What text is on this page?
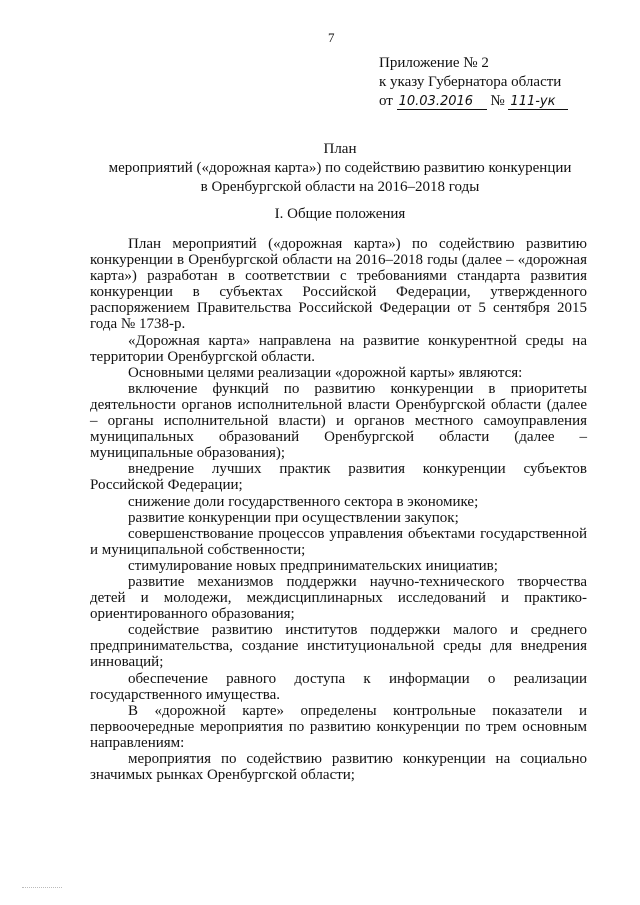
7
Приложение № 2
к указу Губернатора области
от 10.03.2016 № 111-ук
План
мероприятий («дорожная карта») по содействию развитию конкуренции
в Оренбургской области на 2016–2018 годы
I. Общие положения

План мероприятий («дорожная карта») по содействию развитию конкуренции в Оренбургской области на 2016–2018 годы (далее – «дорожная карта») разработан в соответствии с требованиями стандарта развития конкуренции в субъектах Российской Федерации, утвержденного распоряжением Правительства Российской Федерации от 5 сентября 2015 года № 1738-р.

«Дорожная карта» направлена на развитие конкурентной среды на территории Оренбургской области.

Основными целями реализации «дорожной карты» являются:

включение функций по развитию конкуренции в приоритеты деятельности органов исполнительной власти Оренбургской области (далее – органы исполнительной власти) и органов местного самоуправления муниципальных образований Оренбургской области (далее – муниципальные образования);

внедрение лучших практик развития конкуренции субъектов Российской Федерации;

снижение доли государственного сектора в экономике;

развитие конкуренции при осуществлении закупок;

совершенствование процессов управления объектами государственной и муниципальной собственности;

стимулирование новых предпринимательских инициатив;

развитие механизмов поддержки научно-технического творчества детей и молодежи, междисциплинарных исследований и практико-ориентированного образования;

содействие развитию институтов поддержки малого и среднего предпринимательства, создание институциональной среды для внедрения инноваций;

обеспечение равного доступа к информации о реализации государственного имущества.

В «дорожной карте» определены контрольные показатели и первоочередные мероприятия по развитию конкуренции по трем основным направлениям:

мероприятия по содействию развитию конкуренции на социально значимых рынках Оренбургской области;
